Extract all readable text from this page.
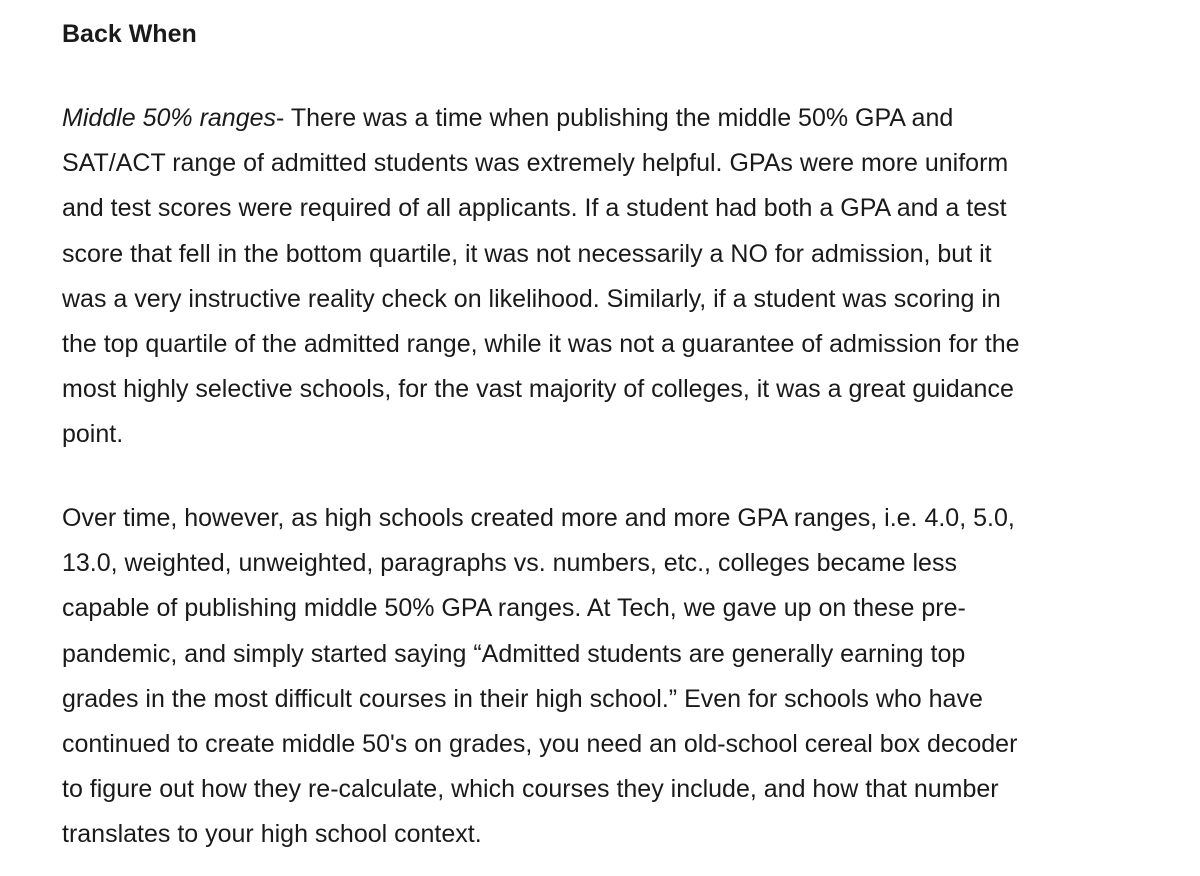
Back When

Middle 50% ranges- There was a time when publishing the middle 50% GPA and
SAT/ACT range of admitted students was extremely helpful. GPAs were more uniform
and test scores were required of all applicants. If a student had both a GPA and a test
score that fell in the bottom quartile, it was not necessarily a NO for admission, but it
was a very instructive reality check on likelihood. Similarly, if a student was scoring in
the top quartile of the admitted range, while it was not a guarantee of admission for the
most highly selective schools, for the vast majority of colleges, it was a great guidance
point.

Over time, however, as high schools created more and more GPA ranges, i.e. 4.0, 5.0,
13.0, weighted, unweighted, paragraphs vs. numbers, etc., colleges became less
capable of publishing middle 50% GPA ranges. At Tech, we gave up on these pre-
pandemic, and simply started saying “Admitted students are generally earning top
grades in the most difficult courses in their high school.” Even for schools who have
continued to create middle 50's on grades, you need an old-school cereal box decoder
to figure out how they re-calculate, which courses they include, and how that number
translates to your high school context.
